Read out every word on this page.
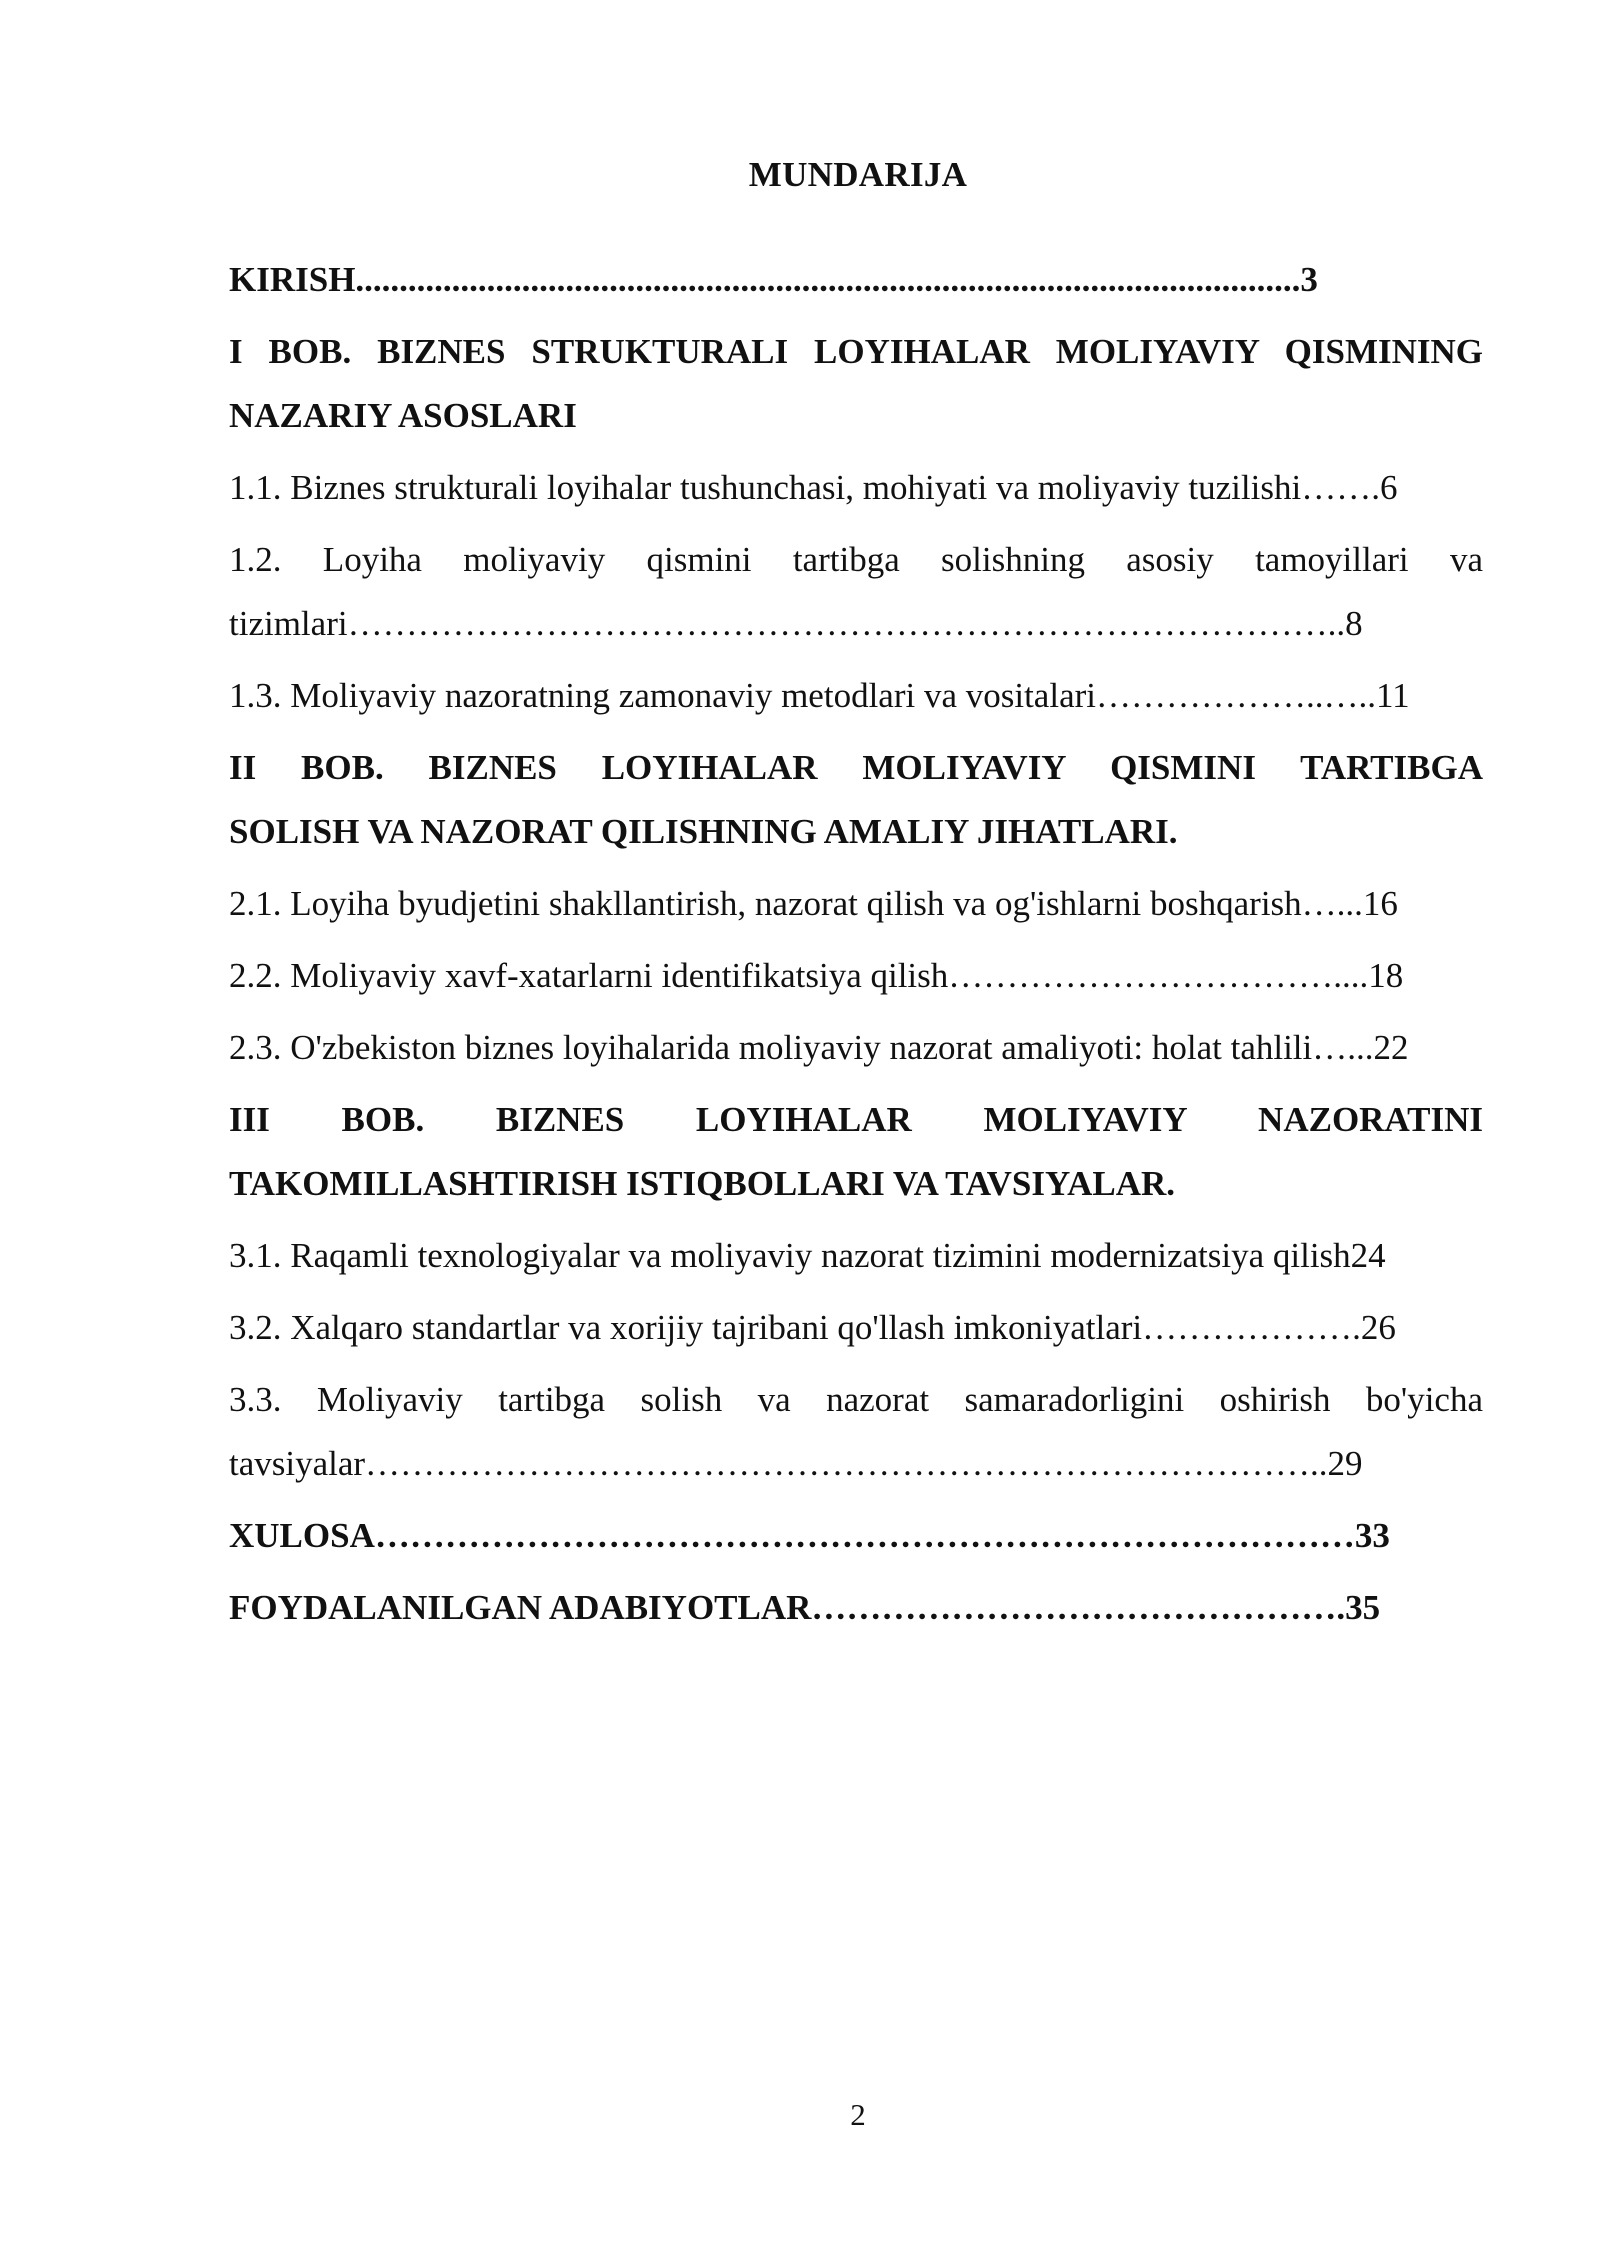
MUNDARIJA
KIRISH............................................................................................................3
I BOB. BIZNES STRUKTURALI LOYIHALAR MOLIYAVIY QISMINING
NAZARIY ASOSLARI
1.1. Biznes strukturali loyihalar tushunchasi, mohiyati va moliyaviy tuzilishi…….6
1.2. Loyiha moliyaviy qismini tartibga solishning asosiy tamoyillari va
tizimlari…………………………………………………………………………..8
1.3. Moliyaviy nazoratning zamonaviy metodlari va vositalari………………..…..11
II BOB. BIZNES LOYIHALAR MOLIYAVIY QISMINI TARTIBGA
SOLISH VA NAZORAT QILISHNING AMALIY JIHATLARI.
2.1. Loyiha byudjetini shakllantirish, nazorat qilish va og'ishlarni boshqarish…...16
2.2. Moliyaviy xavf-xatarlarni identifikatsiya qilish……………………………....18
2.3. O'zbekiston biznes loyihalarida moliyaviy nazorat amaliyoti: holat tahlili…...22
III BOB. BIZNES LOYIHALAR MOLIYAVIY NAZORATINI
TAKOMILLASHTIRISH ISTIQBOLLARI VA TAVSIYALAR.
3.1. Raqamli texnologiyalar va moliyaviy nazorat tizimini modernizatsiya qilish24
3.2. Xalqaro standartlar va xorijiy tajribani qo'llash imkoniyatlari……………….26
3.3. Moliyaviy tartibga solish va nazorat samaradorligini oshirish bo'yicha
tavsiyalar………………………………………………………………………..29
XULOSA…………………………………………………………………………33
FOYDALANILGAN ADABIYOTLAR……………………………………….35
2
